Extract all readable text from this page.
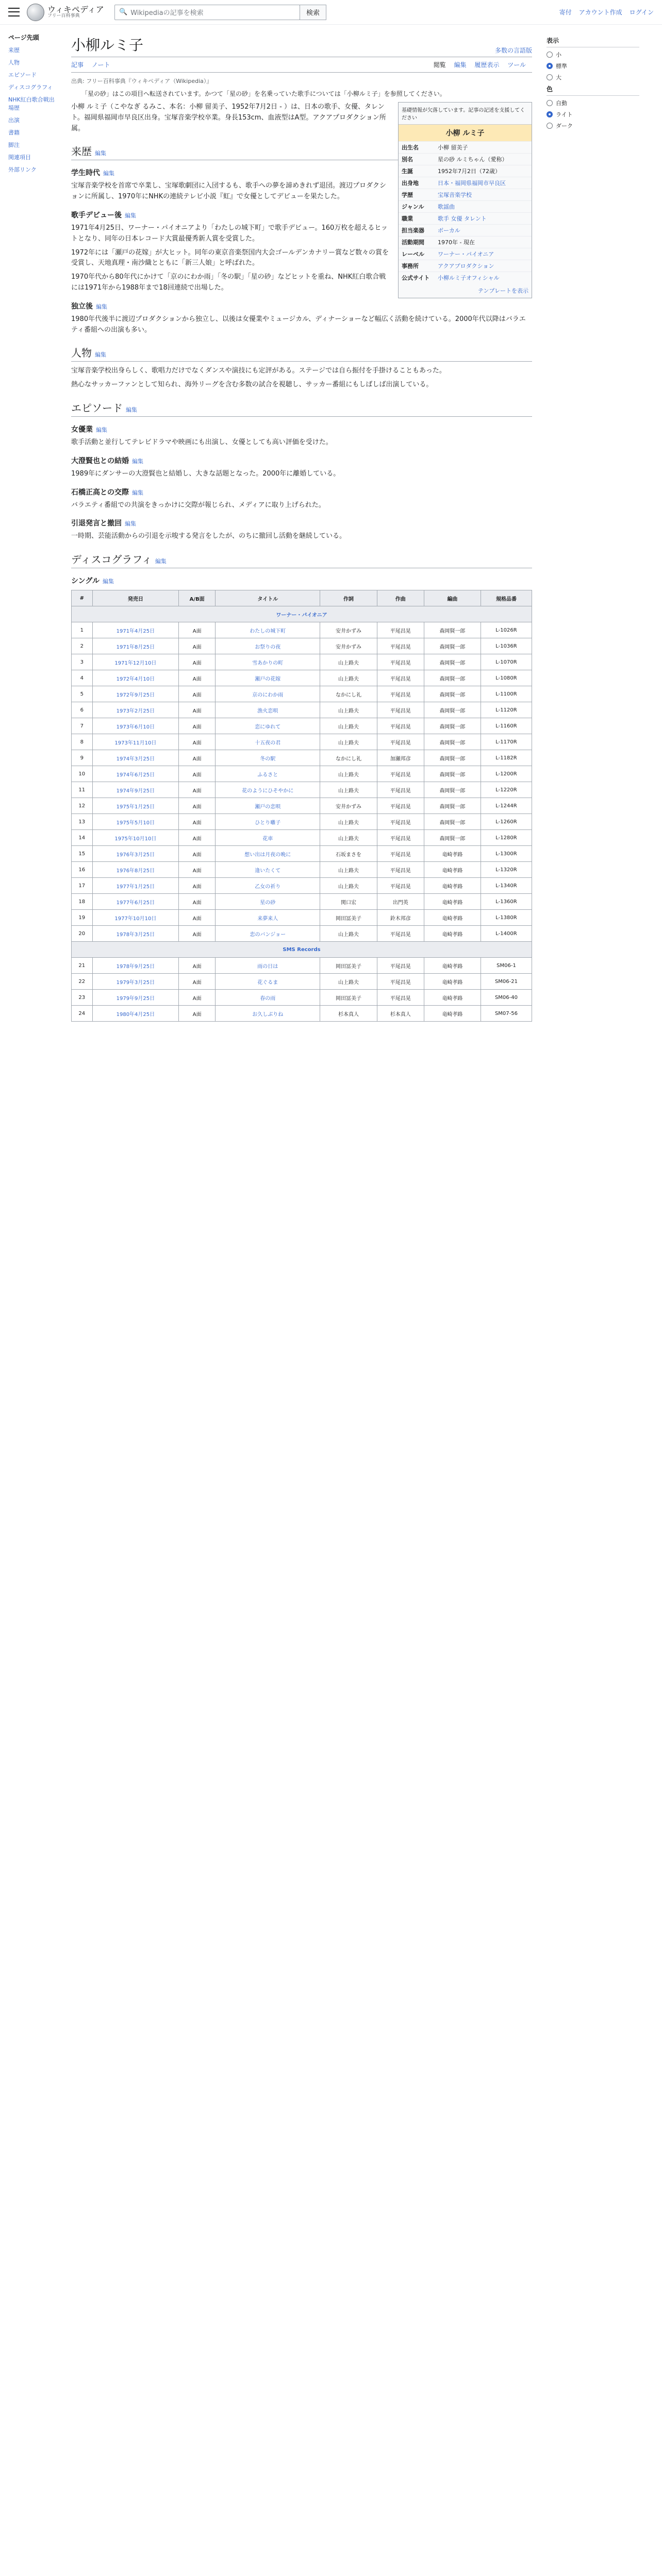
ウィキペディア
フリー百科事典
🔍 Wikipediaの記事を検索	検索	寄付 アカウント作成 ログイン
ページ先頭
来歴
人物
エピソード
ディスコグラフィ
NHK紅白歌合戦出場歴
出演
書籍
脚注
関連項目
外部リンク
小柳ルミ子	多数の言語版
記事 ノート	閲覧 編集 履歴表示 ツール
出典: フリー百科事典『ウィキペディア（Wikipedia）』
「星の砂」はこの項目へ転送されています。かつて「星の砂」を名乗っていた歌手については「小柳ルミ子」を参照してください。
基礎情報が欠落しています。記事の記述を支援してください
小柳 ルミ子
出生名	小柳 留美子
別名	星の砂 ルミちゃん（愛称）
生誕	1952年7月2日（72歳）
出身地	日本・福岡県福岡市早良区
学歴	宝塚音楽学校
ジャンル	歌謡曲
職業	歌手 女優 タレント
担当楽器	ボーカル
活動期間	1970年 - 現在
レーベル	ワーナー・パイオニア
事務所	アクアプロダクション
公式サイト	小柳ルミ子オフィシャル
テンプレートを表示

小柳 ルミ子（こやなぎ るみこ、本名：小柳 留美子、1952年7月2日 - ）は、日本の歌手、女優、タレント。福岡県福岡市早良区出身。宝塚音楽学校卒業。身長153cm、血液型はA型。アクアプロダクション所属。

来歴 編集
学生時代 編集

宝塚音楽学校を首席で卒業し、宝塚歌劇団に入団するも、歌手への夢を諦めきれず退団。渡辺プロダクションに所属し、1970年にNHKの連続テレビ小説『虹』で女優としてデビューを果たした。

歌手デビュー後 編集

1971年4月25日、ワーナー・パイオニアより「わたしの城下町」で歌手デビュー。160万枚を超えるヒットとなり、同年の日本レコード大賞最優秀新人賞を受賞した。

1972年には「瀬戸の花嫁」が大ヒット。同年の東京音楽祭国内大会ゴールデンカナリー賞など数々の賞を受賞し、天地真理・南沙織とともに「新三人娘」と呼ばれた。

1970年代から80年代にかけて「京のにわか雨」「冬の駅」「星の砂」などヒットを重ね、NHK紅白歌合戦には1971年から1988年まで18回連続で出場した。

独立後 編集

1980年代後半に渡辺プロダクションから独立し、以後は女優業やミュージカル、ディナーショーなど幅広く活動を続けている。2000年代以降はバラエティ番組への出演も多い。

人物 編集

宝塚音楽学校出身らしく、歌唱力だけでなくダンスや演技にも定評がある。ステージでは自ら振付を手掛けることもあった。

熱心なサッカーファンとして知られ、海外リーグを含む多数の試合を視聴し、サッカー番組にもしばしば出演している。

エピソード 編集
女優業 編集

歌手活動と並行してテレビドラマや映画にも出演し、女優としても高い評価を受けた。

大澄賢也との結婚 編集

1989年にダンサーの大澄賢也と結婚し、大きな話題となった。2000年に離婚している。

石橋正高との交際 編集

バラエティ番組での共演をきっかけに交際が報じられ、メディアに取り上げられた。

引退発言と撤回 編集

一時期、芸能活動からの引退を示唆する発言をしたが、のちに撤回し活動を継続している。

ディスコグラフィ 編集
シングル 編集
#	発売日	A/B面	タイトル	作詞	作曲	編曲	規格品番
ワーナー・パイオニア							
1	1971年4月25日	A面	わたしの城下町	安井かずみ	平尾昌晃	森岡賢一郎	L-1026R
2	1971年8月25日	A面	お祭りの夜	安井かずみ	平尾昌晃	森岡賢一郎	L-1036R
3	1971年12月10日	A面	雪あかりの町	山上路夫	平尾昌晃	森岡賢一郎	L-1070R
4	1972年4月10日	A面	瀬戸の花嫁	山上路夫	平尾昌晃	森岡賢一郎	L-1080R
5	1972年9月25日	A面	京のにわか雨	なかにし礼	平尾昌晃	森岡賢一郎	L-1100R
6	1973年2月25日	A面	漁火恋唄	山上路夫	平尾昌晃	森岡賢一郎	L-1120R
7	1973年6月10日	A面	恋にゆれて	山上路夫	平尾昌晃	森岡賢一郎	L-1160R
8	1973年11月10日	A面	十五夜の君	山上路夫	平尾昌晃	森岡賢一郎	L-1170R
9	1974年3月25日	A面	冬の駅	なかにし礼	加瀬邦彦	森岡賢一郎	L-1182R
10	1974年6月25日	A面	ふるさと	山上路夫	平尾昌晃	森岡賢一郎	L-1200R
11	1974年9月25日	A面	花のようにひそやかに	山上路夫	平尾昌晃	森岡賢一郎	L-1220R
12	1975年1月25日	A面	瀬戸の恋唄	安井かずみ	平尾昌晃	森岡賢一郎	L-1244R
13	1975年5月10日	A面	ひとり囃子	山上路夫	平尾昌晃	森岡賢一郎	L-1260R
14	1975年10月10日	A面	花車	山上路夫	平尾昌晃	森岡賢一郎	L-1280R
15	1976年3月25日	A面	想い出は月夜の晩に	石坂まさを	平尾昌晃	竜崎孝路	L-1300R
16	1976年8月25日	A面	逢いたくて	山上路夫	平尾昌晃	竜崎孝路	L-1320R
17	1977年1月25日	A面	乙女の祈り	山上路夫	平尾昌晃	竜崎孝路	L-1340R
18	1977年6月25日	A面	星の砂	関口宏	出門英	竜崎孝路	L-1360R
19	1977年10月10日	A面	来夢来人	岡田冨美子	鈴木邦彦	竜崎孝路	L-1380R
20	1978年3月25日	A面	恋のバンジョー	山上路夫	平尾昌晃	竜崎孝路	L-1400R
SMS Records							
21	1978年9月25日	A面	雨の日は	岡田冨美子	平尾昌晃	竜崎孝路	SM06-1
22	1979年3月25日	A面	花ぐるま	山上路夫	平尾昌晃	竜崎孝路	SM06-21
23	1979年9月25日	A面	春の雨	岡田冨美子	平尾昌晃	竜崎孝路	SM06-40
24	1980年4月25日	A面	お久しぶりね	杉本真人	杉本真人	竜崎孝路	SM07-56
表示
小
標準
大
色
自動
ライト
ダーク
